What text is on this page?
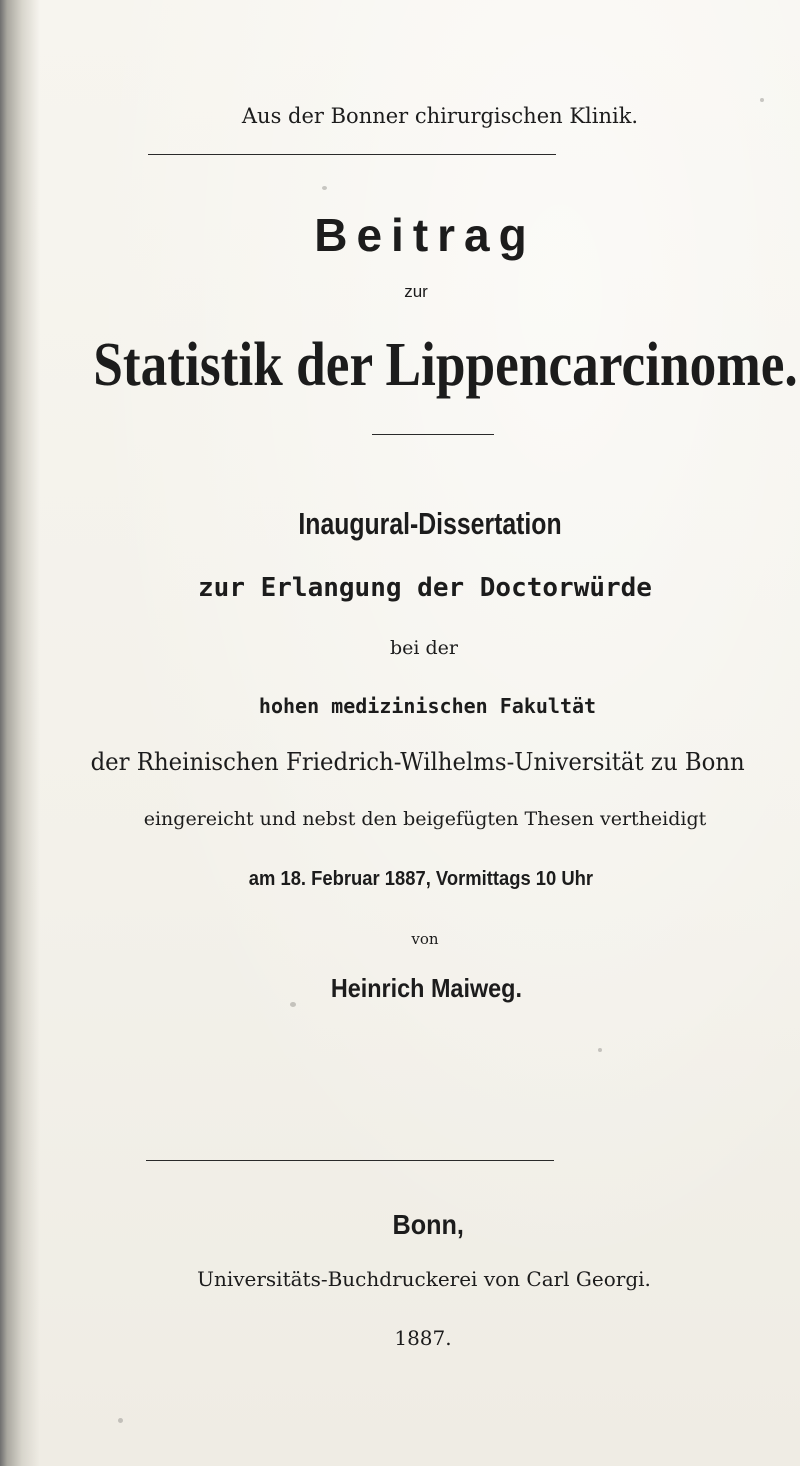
Aus der Bonner chirurgischen Klinik.
Beitrag
zur
Statistik der Lippencarcinome.
Inaugural-Dissertation
zur Erlangung der Doctorwürde
bei der
hohen medizinischen Fakultät
der Rheinischen Friedrich-Wilhelms-Universität zu Bonn
eingereicht und nebst den beigefügten Thesen vertheidigt
am 18. Februar 1887, Vormittags 10 Uhr
von
Heinrich Maiweg.
Bonn,
Universitäts-Buchdruckerei von Carl Georgi.
1887.
